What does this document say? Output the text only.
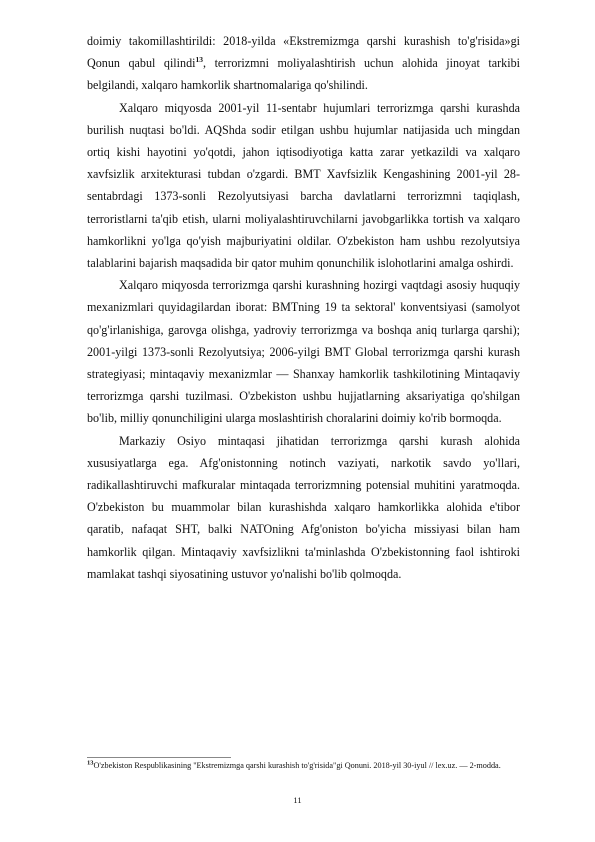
doimiy takomillashtirildi: 2018-yilda «Ekstremizmga qarshi kurashish to'g'risida»gi Qonun qabul qilindi$^{13}$, terrorizmni moliyalashtirish uchun alohida jinoyat tarkibi belgilandi, xalqaro hamkorlik shartnomalariga qo'shilindi.

Xalqaro miqyosda 2001-yil 11-sentabr hujumlari terrorizmga qarshi kurashda burilish nuqtasi bo'ldi. AQShda sodir etilgan ushbu hujumlar natijasida uch mingdan ortiq kishi hayotini yo'qotdi, jahon iqtisodiyotiga katta zarar yetkazildi va xalqaro xavfsizlik arxitekturasi tubdan o'zgardi. BMT Xavfsizlik Kengashining 2001-yil 28-sentabrdagi 1373-sonli Rezolyutsiyasi barcha davlatlarni terrorizmni taqiqlash, terroristlarni ta'qib etish, ularni moliyalashtiruvchilarni javobgarlikka tortish va xalqaro hamkorlikni yo'lga qo'yish majburiyatini oldilar. O'zbekiston ham ushbu rezolyutsiya talablarini bajarish maqsadida bir qator muhim qonunchilik islohotlarini amalga oshirdi.

Xalqaro miqyosda terrorizmga qarshi kurashning hozirgi vaqtdagi asosiy huquqiy mexanizmlari quyidagilardan iborat: BMTning 19 ta sektoral' konventsiyasi (samolyot qo'g'irlanishiga, garovga olishga, yadroviy terrorizmga va boshqa aniq turlarga qarshi); 2001-yilgi 1373-sonli Rezolyutsiya; 2006-yilgi BMT Global terrorizmga qarshi kurash strategiyasi; mintaqaviy mexanizmlar — Shanxay hamkorlik tashkilotining Mintaqaviy terrorizmga qarshi tuzilmasi. O'zbekiston ushbu hujjatlarning aksariyatiga qo'shilgan bo'lib, milliy qonunchiligini ularga moslashtirish choralarini doimiy ko'rib bormoqda.

Markaziy Osiyo mintaqasi jihatidan terrorizmga qarshi kurash alohida xususiyatlarga ega. Afg'onistonning notinch vaziyati, narkotik savdo yo'llari, radikallashtiruvchi mafkuralar mintaqada terrorizmning potensial muhitini yaratmoqda. O'zbekiston bu muammolar bilan kurashishda xalqaro hamkorlikka alohida e'tibor qaratib, nafaqat SHT, balki NATOning Afg'oniston bo'yicha missiyasi bilan ham hamkorlik qilgan. Mintaqaviy xavfsizlikni ta'minlashda O'zbekistonning faol ishtiroki mamlakat tashqi siyosatining ustuvor yo'nalishi bo'lib qolmoqda.

$^{13}$O'zbekiston Respublikasining "Ekstremizmga qarshi kurashish to'g'risida"gi Qonuni. 2018-yil 30-iyul // lex.uz. — 2-modda.

11
